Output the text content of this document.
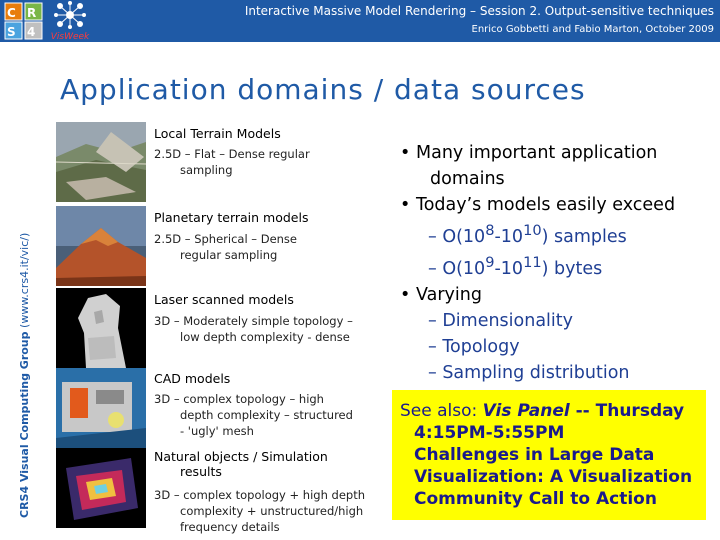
C R
S 4 VisWeek
Interactive Massive Model Rendering – Session 2. Output-sensitive techniques
Enrico Gobbetti and Fabio Marton, October 2009
CRS4 Visual Computing Group (www.crs4.it/vic/)
Application domains / data sources
Local Terrain Models
2.5D – Flat – Dense regular
sampling
Planetary terrain models
2.5D – Spherical – Dense
regular sampling
Laser scanned models
3D – Moderately simple topology –
low depth complexity - dense
CAD models
3D – complex topology – high
depth complexity – structured
- 'ugly' mesh
Natural objects / Simulation
results
3D – complex topology + high depth
complexity + unstructured/high
frequency details
• Many important application
domains
• Today’s models easily exceed
– $O(10^8-10^{10})$ samples
– $O(10^9-10^{11})$ bytes
• Varying
– Dimensionality
– Topology
– Sampling distribution
See also: Vis Panel -- Thursday
4:15PM-5:55PM
Challenges in Large Data
Visualization: A Visualization
Community Call to Action
